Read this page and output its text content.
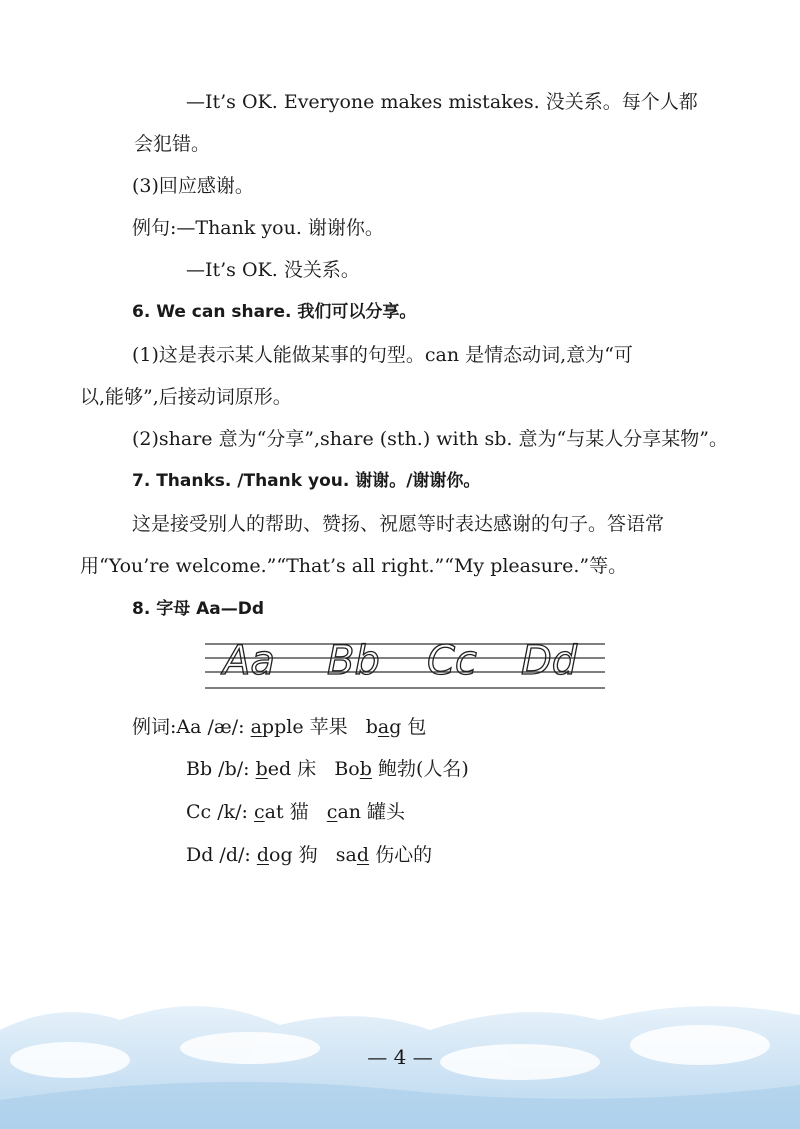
—It’s OK. Everyone makes mistakes. 没关系。每个人都
会犯错。
(3)回应感谢。
例句:—Thank you. 谢谢你。
—It’s OK. 没关系。
6. We can share. 我们可以分享。
(1)这是表示某人能做某事的句型。can 是情态动词,意为“可
以,能够”,后接动词原形。
(2)share 意为“分享”,share (sth.) with sb. 意为“与某人分享某物”。
7. Thanks. /Thank you. 谢谢。/谢谢你。
这是接受别人的帮助、赞扬、祝愿等时表达感谢的句子。答语常
用“You’re welcome.”“That’s all right.”“My pleasure.”等。
8. 字母 Aa—Dd
Aa Bb Cc Dd
例词:Aa /æ/: apple 苹果 bag 包
Bb /b/: bed 床 Bob 鲍勃(人名)
Cc /k/: cat 猫 can 罐头
Dd /d/: dog 狗 sad 伤心的
— 4 —
